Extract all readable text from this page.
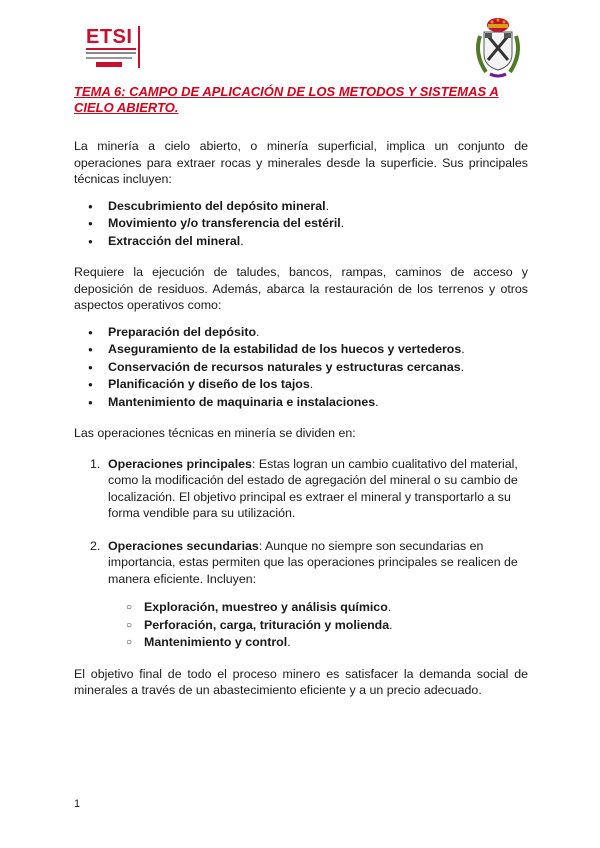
ETSI
TEMA 6: CAMPO DE APLICACIÓN DE LOS METODOS Y SISTEMAS A CIELO ABIERTO.

La minería a cielo abierto, o minería superficial, implica un conjunto de operaciones para extraer rocas y minerales desde la superficie. Sus principales técnicas incluyen:

● Descubrimiento del depósito mineral.
● Movimiento y/o transferencia del estéril.
● Extracción del mineral.

Requiere la ejecución de taludes, bancos, rampas, caminos de acceso y deposición de residuos. Además, abarca la restauración de los terrenos y otros aspectos operativos como:

● Preparación del depósito.
● Aseguramiento de la estabilidad de los huecos y vertederos.
● Conservación de recursos naturales y estructuras cercanas.
● Planificación y diseño de los tajos.
● Mantenimiento de maquinaria e instalaciones.

Las operaciones técnicas en minería se dividen en:

1. Operaciones principales: Estas logran un cambio cualitativo del material, como la modificación del estado de agregación del mineral o su cambio de localización. El objetivo principal es extraer el mineral y transportarlo a su forma vendible para su utilización.
2. Operaciones secundarias: Aunque no siempre son secundarias en importancia, estas permiten que las operaciones principales se realicen de manera eficiente. Incluyen:
○ Exploración, muestreo y análisis químico.
○ Perforación, carga, trituración y molienda.
○ Mantenimiento y control.

El objetivo final de todo el proceso minero es satisfacer la demanda social de minerales a través de un abastecimiento eficiente y a un precio adecuado.

1
